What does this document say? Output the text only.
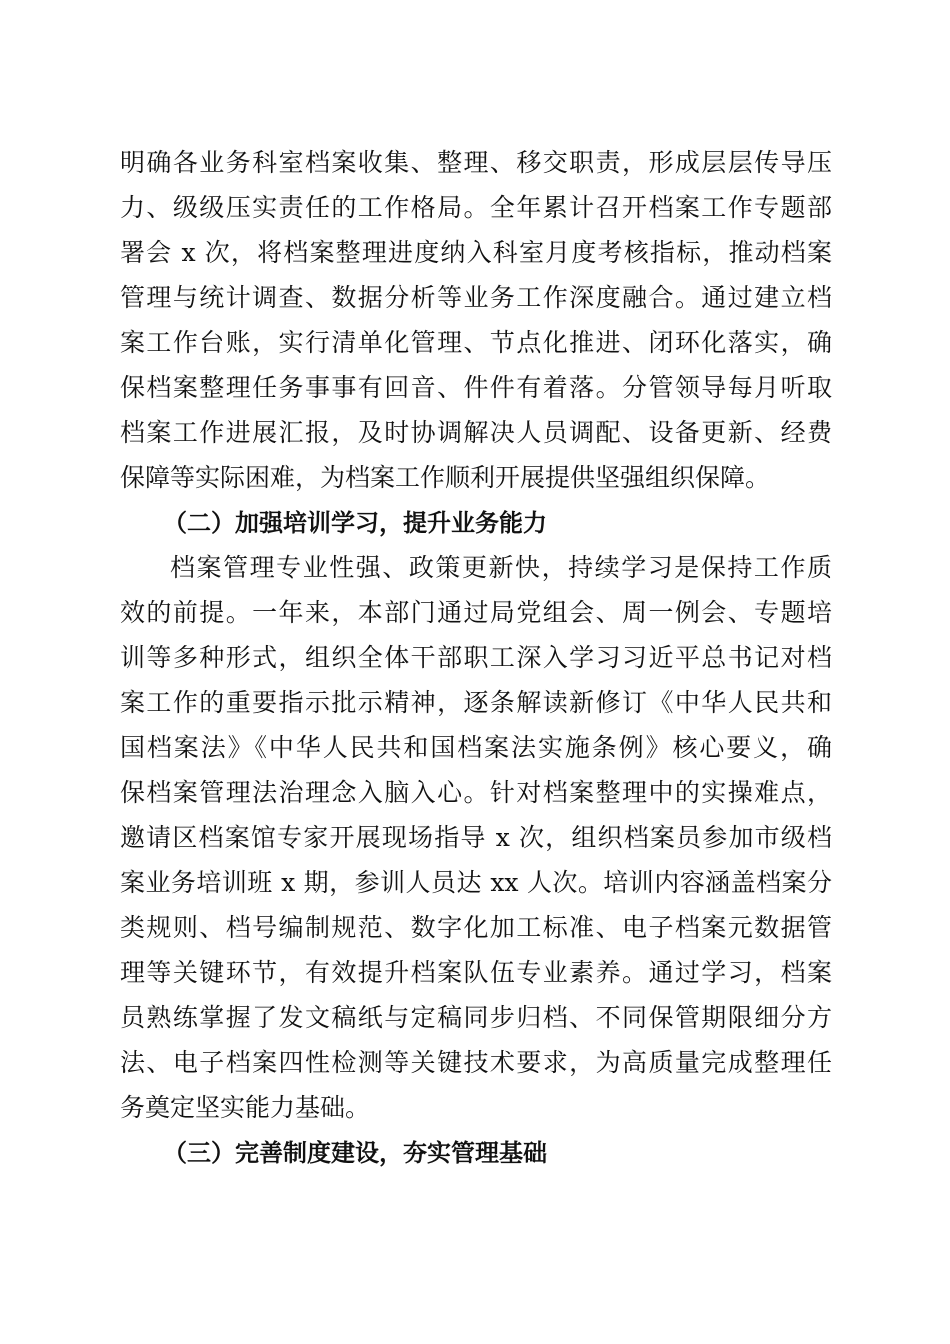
明确各业务科室档案收集、整理、移交职责，形成层层传导压
力、级级压实责任的工作格局。全年累计召开档案工作专题部
署会 x 次，将档案整理进度纳入科室月度考核指标，推动档案
管理与统计调查、数据分析等业务工作深度融合。通过建立档
案工作台账，实行清单化管理、节点化推进、闭环化落实，确
保档案整理任务事事有回音、件件有着落。分管领导每月听取
档案工作进展汇报，及时协调解决人员调配、设备更新、经费
保障等实际困难，为档案工作顺利开展提供坚强组织保障。
（二）加强培训学习，提升业务能力
档案管理专业性强、政策更新快，持续学习是保持工作质
效的前提。一年来，本部门通过局党组会、周一例会、专题培
训等多种形式，组织全体干部职工深入学习习近平总书记对档
案工作的重要指示批示精神，逐条解读新修订《中华人民共和
国档案法》《中华人民共和国档案法实施条例》核心要义，确
保档案管理法治理念入脑入心。针对档案整理中的实操难点，
邀请区档案馆专家开展现场指导 x 次，组织档案员参加市级档
案业务培训班 x 期，参训人员达 xx 人次。培训内容涵盖档案分
类规则、档号编制规范、数字化加工标准、电子档案元数据管
理等关键环节，有效提升档案队伍专业素养。通过学习，档案
员熟练掌握了发文稿纸与定稿同步归档、不同保管期限细分方
法、电子档案四性检测等关键技术要求，为高质量完成整理任
务奠定坚实能力基础。
（三）完善制度建设，夯实管理基础
